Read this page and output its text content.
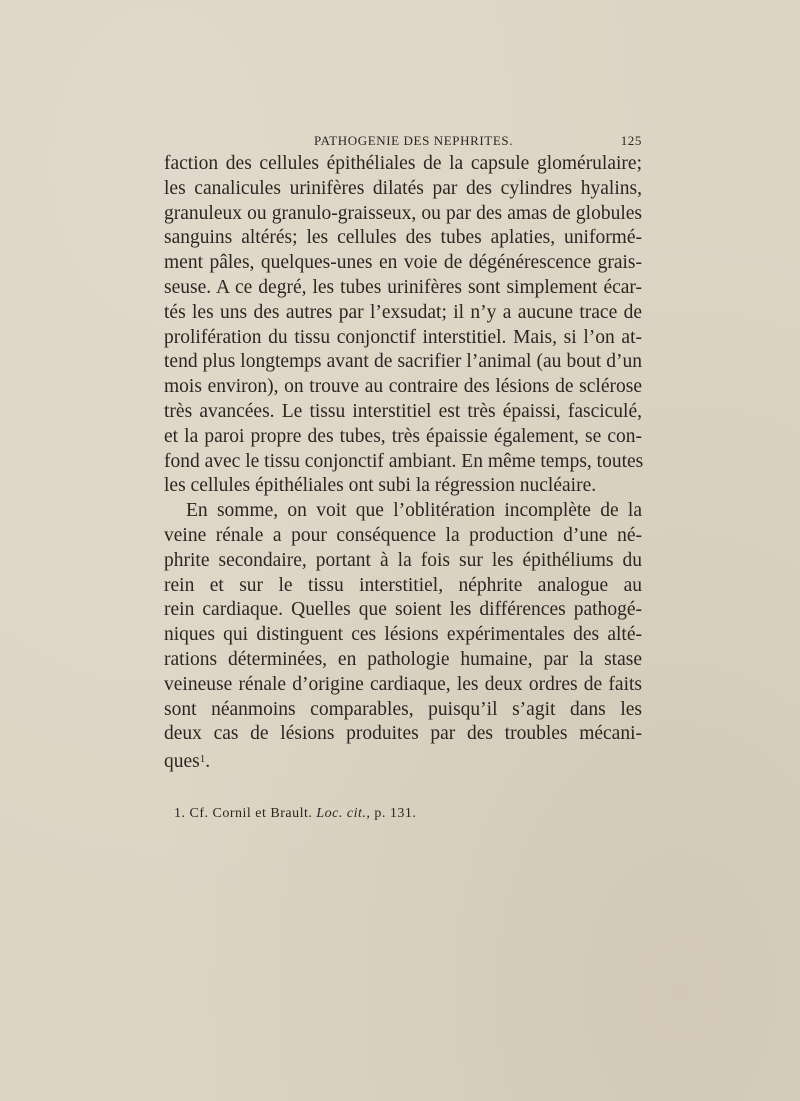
PATHOGENIE DES NEPHRITES.	125
faction des cellules épithéliales de la capsule glomérulaire;
les canalicules urinifères dilatés par des cylindres hyalins,
granuleux ou granulo-graisseux, ou par des amas de globules
sanguins altérés; les cellules des tubes aplaties, uniformé-
ment pâles, quelques-unes en voie de dégénérescence grais-
seuse. A ce degré, les tubes urinifères sont simplement écar-
tés les uns des autres par l’exsudat; il n’y a aucune trace de
prolifération du tissu conjonctif interstitiel. Mais, si l’on at-
tend plus longtemps avant de sacrifier l’animal (au bout d’un
mois environ), on trouve au contraire des lésions de sclérose
très avancées. Le tissu interstitiel est très épaissi, fasciculé,
et la paroi propre des tubes, très épaissie également, se con-
fond avec le tissu conjonctif ambiant. En même temps, toutes
les cellules épithéliales ont subi la régression nucléaire.
En somme, on voit que l’oblitération incomplète de la
veine rénale a pour conséquence la production d’une né-
phrite secondaire, portant à la fois sur les épithéliums du
rein et sur le tissu interstitiel, néphrite analogue au
rein cardiaque. Quelles que soient les différences pathogé-
niques qui distinguent ces lésions expérimentales des alté-
rations déterminées, en pathologie humaine, par la stase
veineuse rénale d’origine cardiaque, les deux ordres de faits
sont néanmoins comparables, puisqu’il s’agit dans les
deux cas de lésions produites par des troubles mécani-
ques$^1$.
1. Cf. Cornil et Brault. Loc. cit., p. 131.
